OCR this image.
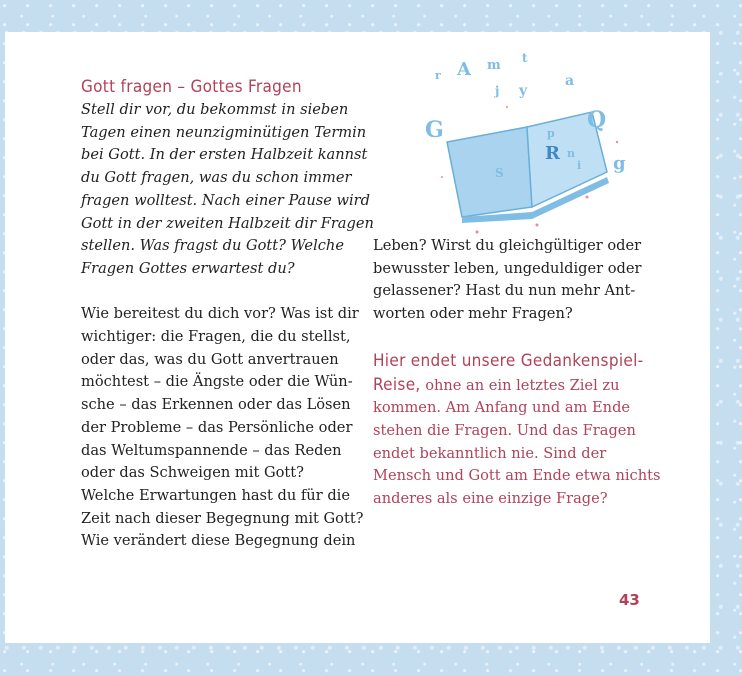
Gott fragen – Gottes Fragen
Stell dir vor, du bekommst in sieben
Tagen einen neunzigminütigen Termin
bei Gott. In der ersten Halbzeit kannst
du Gott fragen, was du schon immer
fragen wolltest. Nach einer Pause wird
Gott in der zweiten Halbzeit dir Fragen
stellen. Was fragst du Gott? Welche
Fragen Gottes erwartest du?
Wie bereitest du dich vor? Was ist dir
wichtiger: die Fragen, die du stellst,
oder das, was du Gott anvertrauen
möchtest – die Ängste oder die Wün-
sche – das Erkennen oder das Lösen
der Probleme – das Persönliche oder
das Weltumspannende – das Reden
oder das Schweigen mit Gott?
Welche Erwartungen hast du für die
Zeit nach dieser Begegnung mit Gott?
Wie verändert diese Begegnung dein
r A m t
j y
a
Q
G
g
S
R
p
n
i
Leben? Wirst du gleichgültiger oder
bewusster leben, ungeduldiger oder
gelassener? Hast du nun mehr Ant-
worten oder mehr Fragen?
Hier endet unsere Gedankenspiel-
Reise, ohne an ein letztes Ziel zu
kommen. Am Anfang und am Ende
stehen die Fragen. Und das Fragen
endet bekanntlich nie. Sind der
Mensch und Gott am Ende etwa nichts
anderes als eine einzige Frage?
43
